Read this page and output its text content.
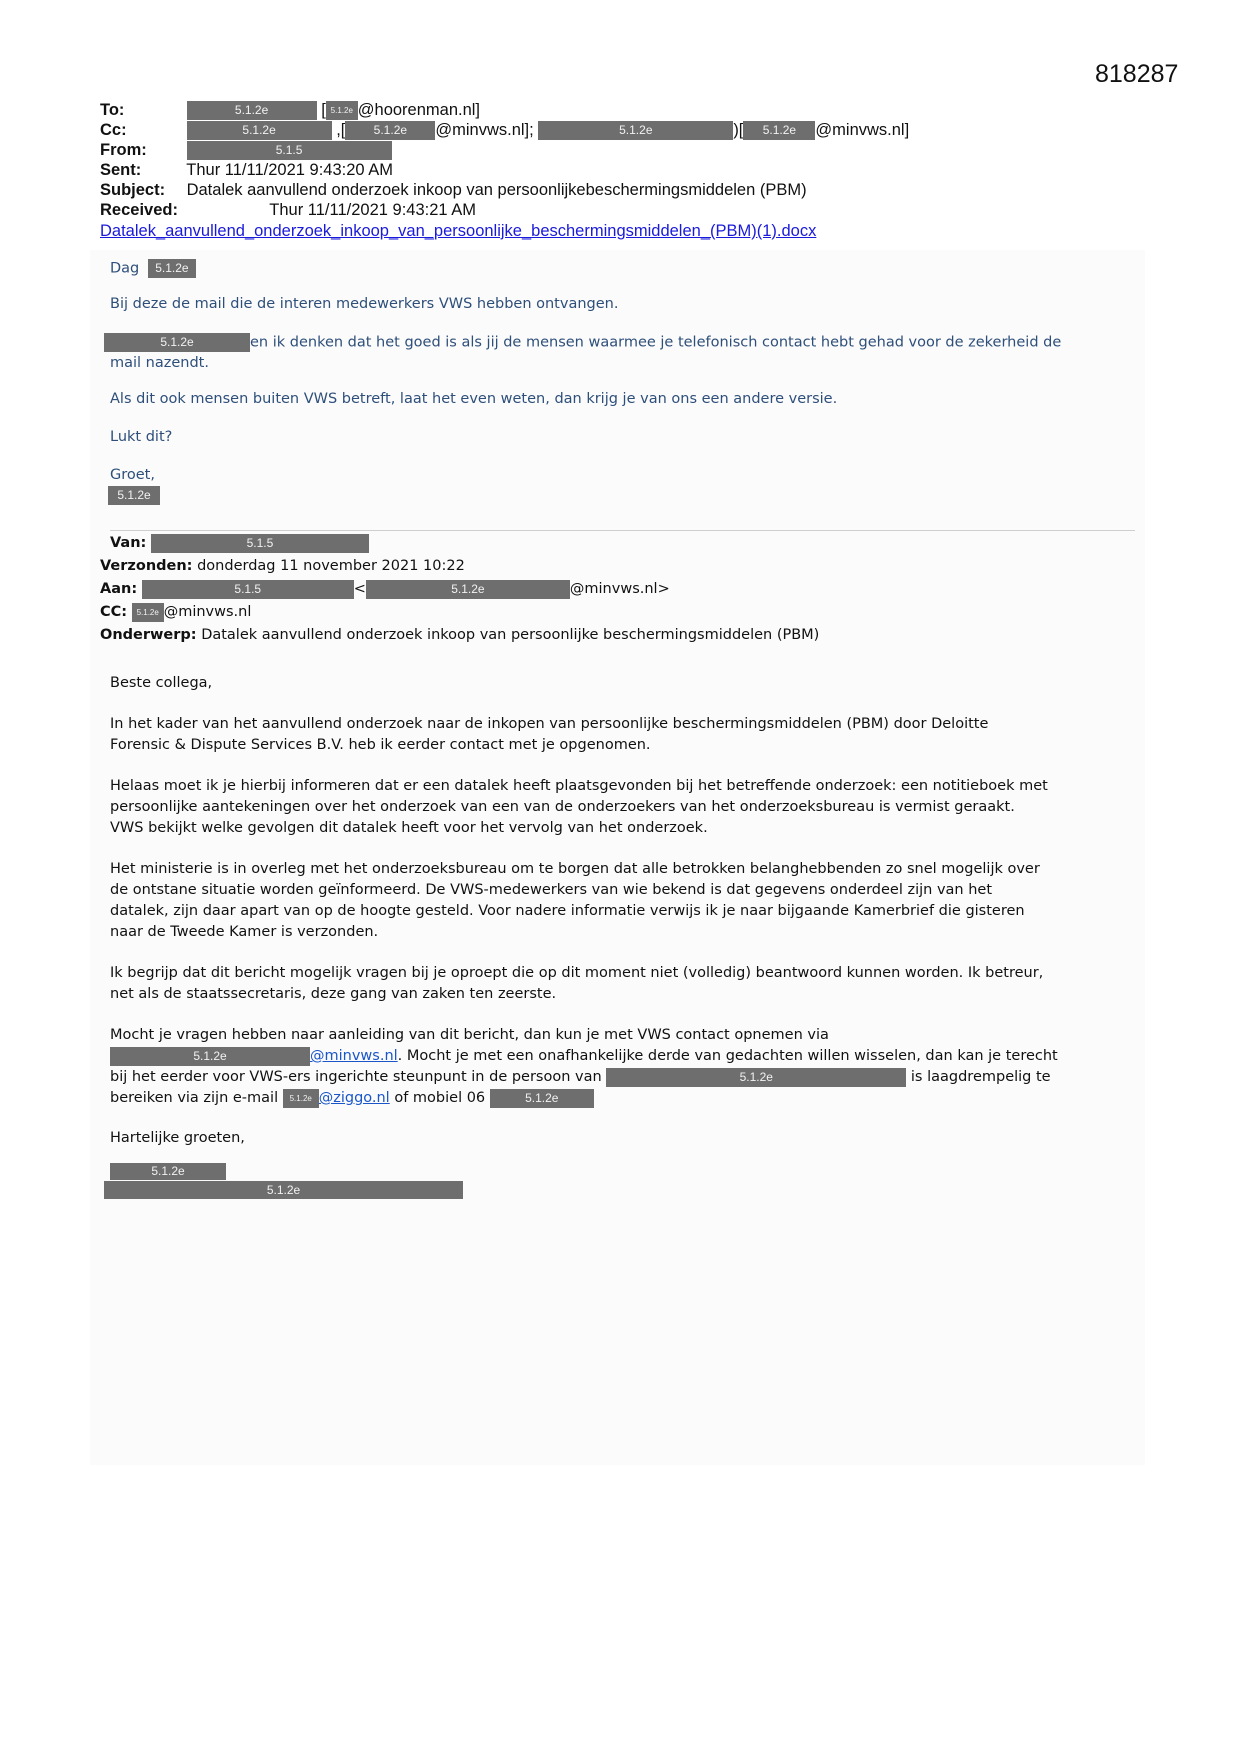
818287
To:	5.1.2e	[ 5.1.2e @hoorenman.nl]
Cc:	5.1.2e	,[ 5.1.2e @minvws.nl];	5.1.2e	)[ 5.1.2e @minvws.nl]
From:	5.1.5
Sent:	Thur 11/11/2021 9:43:20 AM
Subject: Datalek aanvullend onderzoek inkoop van persoonlijkebeschermingsmiddelen (PBM)
Received:	Thur 11/11/2021 9:43:21 AM
Datalek_aanvullend_onderzoek_inkoop_van_persoonlijke_beschermingsmiddelen_(PBM)(1).docx
Dag 5.1.2e
Bij deze de mail die de interen medewerkers VWS hebben ontvangen.
5.1.2e	en ik denken dat het goed is als jij de mensen waarmee je telefonisch contact hebt gehad voor de zekerheid de
mail nazendt.
Als dit ook mensen buiten VWS betreft, laat het even weten, dan krijg je van ons een andere versie.
Lukt dit?
Groet,
5.1.2e
Van:	5.1.5
Verzonden: donderdag 11 november 2021 10:22
Aan:	5.1.5	<	5.1.2e	@minvws.nl>
CC: 5.1.2e @minvws.nl
Onderwerp: Datalek aanvullend onderzoek inkoop van persoonlijke beschermingsmiddelen (PBM)
Beste collega,
In het kader van het aanvullend onderzoek naar de inkopen van persoonlijke beschermingsmiddelen (PBM) door Deloitte
Forensic & Dispute Services B.V. heb ik eerder contact met je opgenomen.
Helaas moet ik je hierbij informeren dat er een datalek heeft plaatsgevonden bij het betreffende onderzoek: een notitieboek met
persoonlijke aantekeningen over het onderzoek van een van de onderzoekers van het onderzoeksbureau is vermist geraakt.
VWS bekijkt welke gevolgen dit datalek heeft voor het vervolg van het onderzoek.
Het ministerie is in overleg met het onderzoeksbureau om te borgen dat alle betrokken belanghebbenden zo snel mogelijk over
de ontstane situatie worden geïnformeerd. De VWS-medewerkers van wie bekend is dat gegevens onderdeel zijn van het
datalek, zijn daar apart van op de hoogte gesteld. Voor nadere informatie verwijs ik je naar bijgaande Kamerbrief die gisteren
naar de Tweede Kamer is verzonden.
Ik begrijp dat dit bericht mogelijk vragen bij je oproept die op dit moment niet (volledig) beantwoord kunnen worden. Ik betreur,
net als de staatssecretaris, deze gang van zaken ten zeerste.
Mocht je vragen hebben naar aanleiding van dit bericht, dan kun je met VWS contact opnemen via
5.1.2e	@minvws.nl. Mocht je met een onafhankelijke derde van gedachten willen wisselen, dan kan je terecht
bij het eerder voor VWS-ers ingerichte steunpunt in de persoon van	5.1.2e	is laagdrempelig te
bereiken via zijn e-mail 5.1.2e @ziggo.nl of mobiel 06	5.1.2e
Hartelijke groeten,
5.1.2e
5.1.2e
